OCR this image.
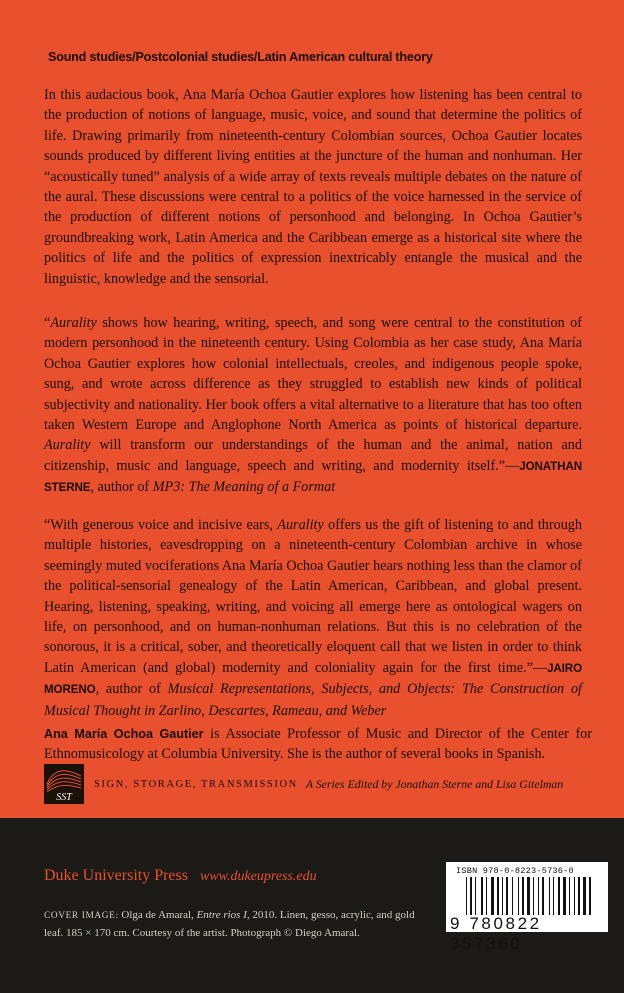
Sound studies/Postcolonial studies/Latin American cultural theory

In this audacious book, Ana María Ochoa Gautier explores how listening has been central to the production of notions of language, music, voice, and sound that determine the politics of life. Drawing primarily from nineteenth-century Colombian sources, Ochoa Gautier locates sounds produced by different living entities at the juncture of the human and nonhuman. Her “acoustically tuned” analysis of a wide array of texts reveals multiple debates on the nature of the aural. These discussions were central to a politics of the voice harnessed in the service of the production of different notions of personhood and belonging. In Ochoa Gautier’s groundbreaking work, Latin America and the Caribbean emerge as a historical site where the politics of life and the politics of expression inextricably entangle the musical and the linguistic, knowledge and the sensorial.

“Aurality shows how hearing, writing, speech, and song were central to the constitution of modern personhood in the nineteenth century. Using Colombia as her case study, Ana María Ochoa Gautier explores how colonial intellectuals, creoles, and indigenous people spoke, sung, and wrote across difference as they struggled to establish new kinds of political subjectivity and nationality. Her book offers a vital alternative to a literature that has too often taken Western Europe and Anglophone North America as points of historical departure. Aurality will transform our understandings of the human and the animal, nation and citizenship, music and language, speech and writing, and modernity itself.”—JONATHAN STERNE, author of MP3: The Meaning of a Format

“With generous voice and incisive ears, Aurality offers us the gift of listening to and through multiple histories, eavesdropping on a nineteenth-century Colombian archive in whose seemingly muted vociferations Ana María Ochoa Gautier hears nothing less than the clamor of the political-sensorial genealogy of the Latin American, Caribbean, and global present. Hearing, listening, speaking, writing, and voicing all emerge here as ontological wagers on life, on personhood, and on human-nonhuman relations. But this is no celebration of the sonorous, it is a critical, sober, and theoretically eloquent call that we listen in order to think Latin American (and global) modernity and coloniality again for the first time.”—JAIRO MORENO, author of Musical Representations, Subjects, and Objects: The Construction of Musical Thought in Zarlino, Descartes, Rameau, and Weber

Ana María Ochoa Gautier is Associate Professor of Music and Director of the Center for Ethnomusicology at Columbia University. She is the author of several books in Spanish.

SST
SIGN, STORAGE, TRANSMISSION A Series Edited by Jonathan Sterne and Lisa Gitelman
Duke University Press www.dukeupress.edu

COVER IMAGE: Olga de Amaral, Entre rios I, 2010. Linen, gesso, acrylic, and gold leaf. 185 × 170 cm. Courtesy of the artist. Photograph © Diego Amaral.

ISBN 978-0-8223-5736-0
9 780822 357360
